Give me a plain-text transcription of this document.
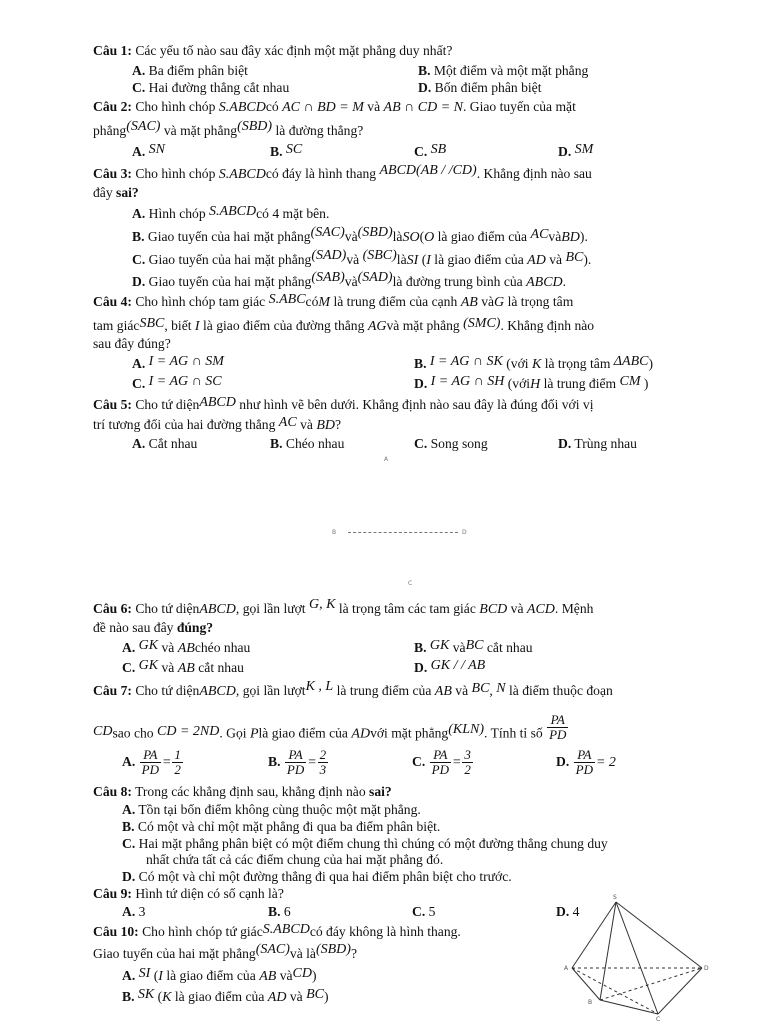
Câu 1: Các yếu tố nào sau đây xác định một mặt phẳng duy nhất?
A. Ba điểm phân biệt	B. Một điểm và một mặt phẳng
C. Hai đường thẳng cắt nhau	D. Bốn điểm phân biệt
Câu 2: Cho hình chóp S.ABCDcó AC ∩ BD = M và AB ∩ CD = N. Giao tuyến của mặt
phẳng(SAC) và mặt phẳng(SBD) là đường thẳng?
A. SN	B. SC	C. SB	D. SM
Câu 3: Cho hình chóp S.ABCDcó đáy là hình thang ABCD(AB / /CD). Khẳng định nào sau
đây sai?
A. Hình chóp S.ABCDcó 4 mặt bên.
B. Giao tuyến của hai mặt phẳng(SAC)và(SBD)làSO(O là giao điểm của ACvàBD).
C. Giao tuyến của hai mặt phẳng(SAD)và (SBC)làSI (I là giao điểm của AD và BC).
D. Giao tuyến của hai mặt phẳng(SAB)và(SAD)là đường trung bình của ABCD.
Câu 4: Cho hình chóp tam giác S.ABCcóM là trung điểm của cạnh AB vàG là trọng tâm
tam giácSBC, biết I là giao điểm của đường thẳng AGvà mặt phẳng (SMC). Khẳng định nào
sau đây đúng?
A. I = AG ∩ SM	B. I = AG ∩ SK (với K là trọng tâm ΔABC)
C. I = AG ∩ SC	D. I = AG ∩ SH (vớiH là trung điểm CM )
Câu 5: Cho tứ diệnABCD như hình vẽ bên dưới. Khẳng định nào sau đây là đúng đối với vị
trí tương đối của hai đường thẳng AC và BD?
A. Cắt nhau	B. Chéo nhau	C. Song song	D. Trùng nhau
A
B	D
C
Câu 6: Cho tứ diệnABCD, gọi lần lượt G, K là trọng tâm các tam giác BCD và ACD. Mệnh
đề nào sau đây đúng?
A. GK và ABchéo nhau	B. GK vàBC cắt nhau
C. GK và AB cắt nhau	D. GK / / AB
Câu 7: Cho tứ diệnABCD, gọi lần lượtK , L là trung điểm của AB và BC, N là điểm thuộc đoạn
CDsao cho CD = 2ND. Gọi Plà giao điểm của ADvới mặt phẳng(KLN). Tính tỉ số $\frac{PA}{PD}$
A. $\frac{PA}{PD} = \frac{1}{2}$	B. $\frac{PA}{PD} = \frac{2}{3}$	C. $\frac{PA}{PD} = \frac{3}{2}$	D. $\frac{PA}{PD} = 2$
Câu 8: Trong các khẳng định sau, khẳng định nào sai?
A. Tồn tại bốn điểm không cùng thuộc một mặt phẳng.
B. Có một và chỉ một mặt phẳng đi qua ba điểm phân biệt.
C. Hai mặt phẳng phân biệt có một điểm chung thì chúng có một đường thẳng chung duy
nhất chứa tất cả các điểm chung của hai mặt phẳng đó.
D. Có một và chỉ một đường thẳng đi qua hai điểm phân biệt cho trước.
Câu 9: Hình tứ diện có số cạnh là?
A. 3	B. 6	C. 5	D. 4
Câu 10: Cho hình chóp tứ giácS.ABCDcó đáy không là hình thang.
Giao tuyến của hai mặt phẳng(SAC)và là(SBD)?
A. SI (I là giao điểm của AB vàCD)
B. SK (K là giao điểm của AD và BC)
S
A
B
D
C
